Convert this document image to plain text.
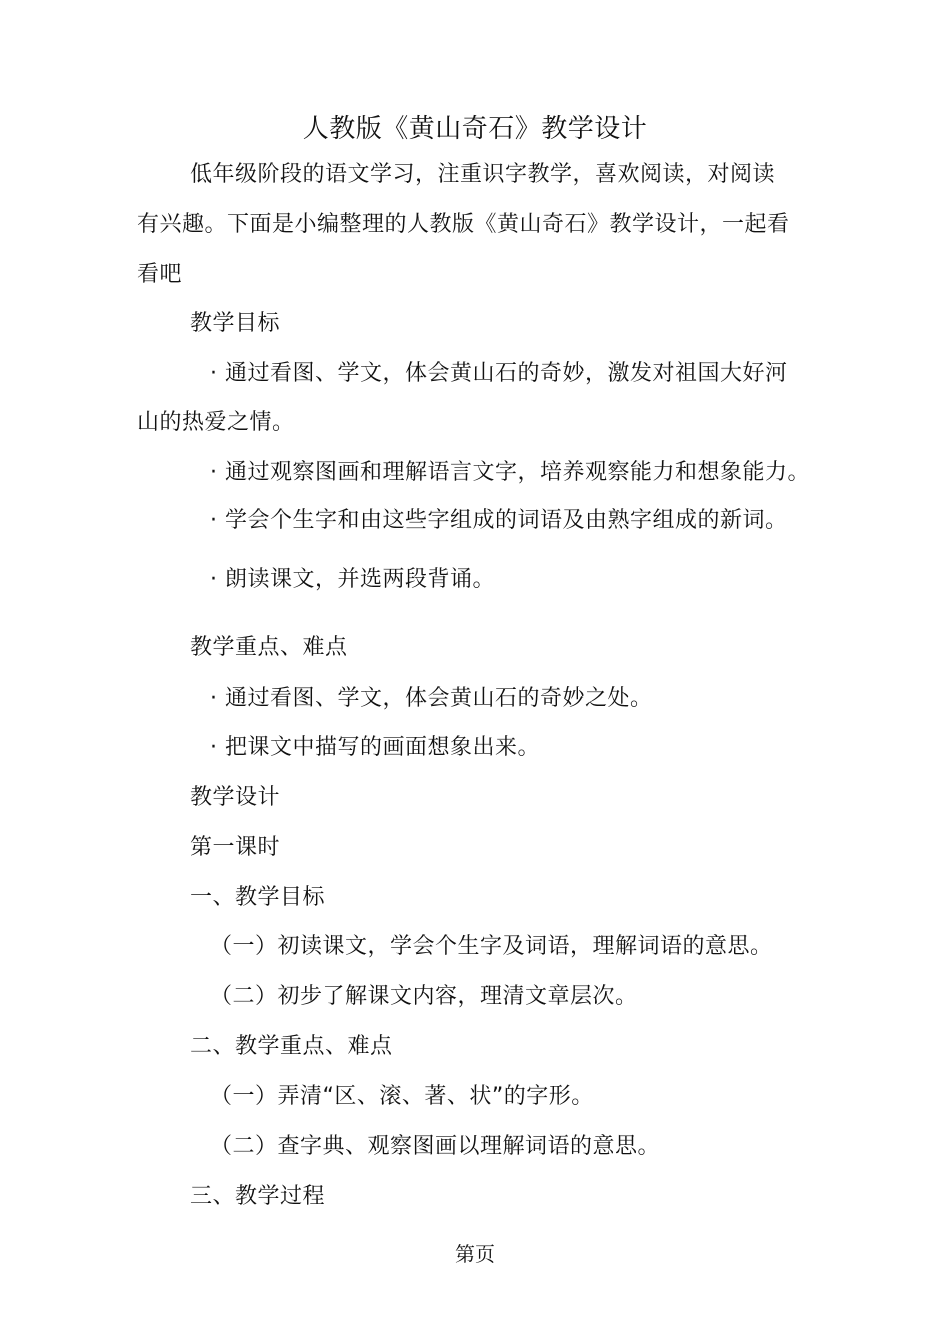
人教版《黄山奇石》教学设计
低年级阶段的语文学习，注重识字教学，喜欢阅读，对阅读
有兴趣。下面是小编整理的人教版《黄山奇石》教学设计，一起看
看吧
教学目标
· 通过看图、学文，体会黄山石的奇妙，激发对祖国大好河
山的热爱之情。
· 通过观察图画和理解语言文字，培养观察能力和想象能力。
· 学会个生字和由这些字组成的词语及由熟字组成的新词。
· 朗读课文，并选两段背诵。
教学重点、难点
· 通过看图、学文，体会黄山石的奇妙之处。
· 把课文中描写的画面想象出来。
教学设计
第一课时
一、教学目标
（一）初读课文，学会个生字及词语，理解词语的意思。
（二）初步了解课文内容，理清文章层次。
二、教学重点、难点
（一）弄清“区、滚、著、状”的字形。
（二）查字典、观察图画以理解词语的意思。
三、教学过程
第页
